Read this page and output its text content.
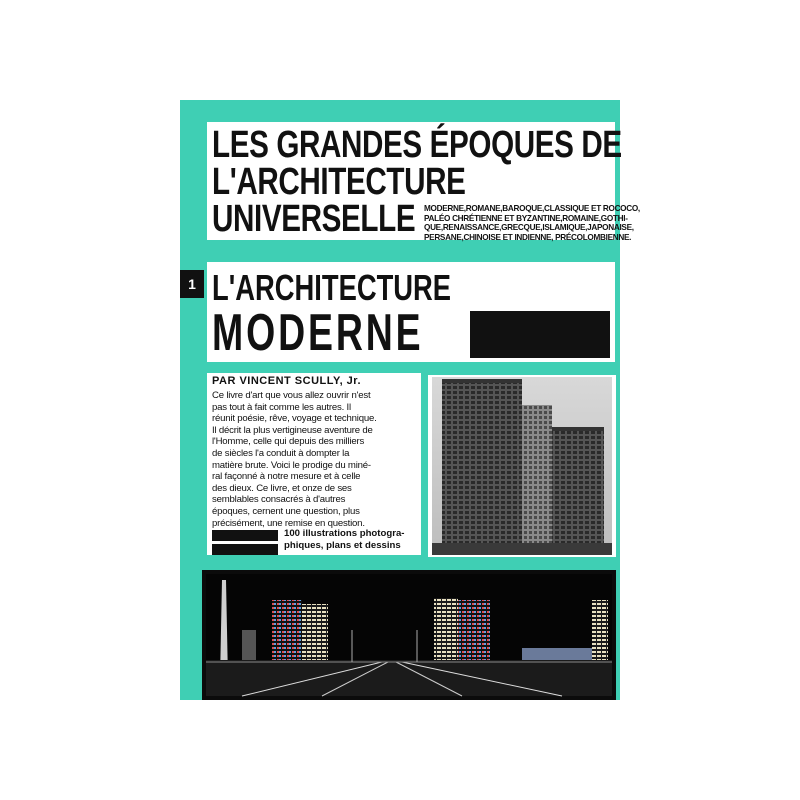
LES GRANDES ÉPOQUES DE
L'ARCHITECTURE
UNIVERSELLE MODERNE,ROMANE,BAROQUE,CLASSIQUE ET ROCOCO,
PALÉO CHRÉTIENNE ET BYZANTINE,ROMAINE,GOTHI-
QUE,RENAISSANCE,GRECQUE,ISLAMIQUE,JAPONAISE,
PERSANE,CHINOISE ET INDIENNE, PRÉCOLOMBIENNE.
1 L'ARCHITECTURE
MODERNE
PAR VINCENT SCULLY, Jr.
Ce livre d'art que vous allez ouvrir n'est
pas tout à fait comme les autres. Il
réunit poésie, rêve, voyage et technique.
Il décrit la plus vertigineuse aventure de
l'Homme, celle qui depuis des milliers
de siècles l'a conduit à dompter la
matière brute. Voici le prodige du miné-
ral façonné à notre mesure et à celle
des dieux. Ce livre, et onze de ses
semblables consacrés à d'autres
époques, cernent une question, plus
précisément, une remise en question.
100 illustrations photogra-
phiques, plans et dessins
